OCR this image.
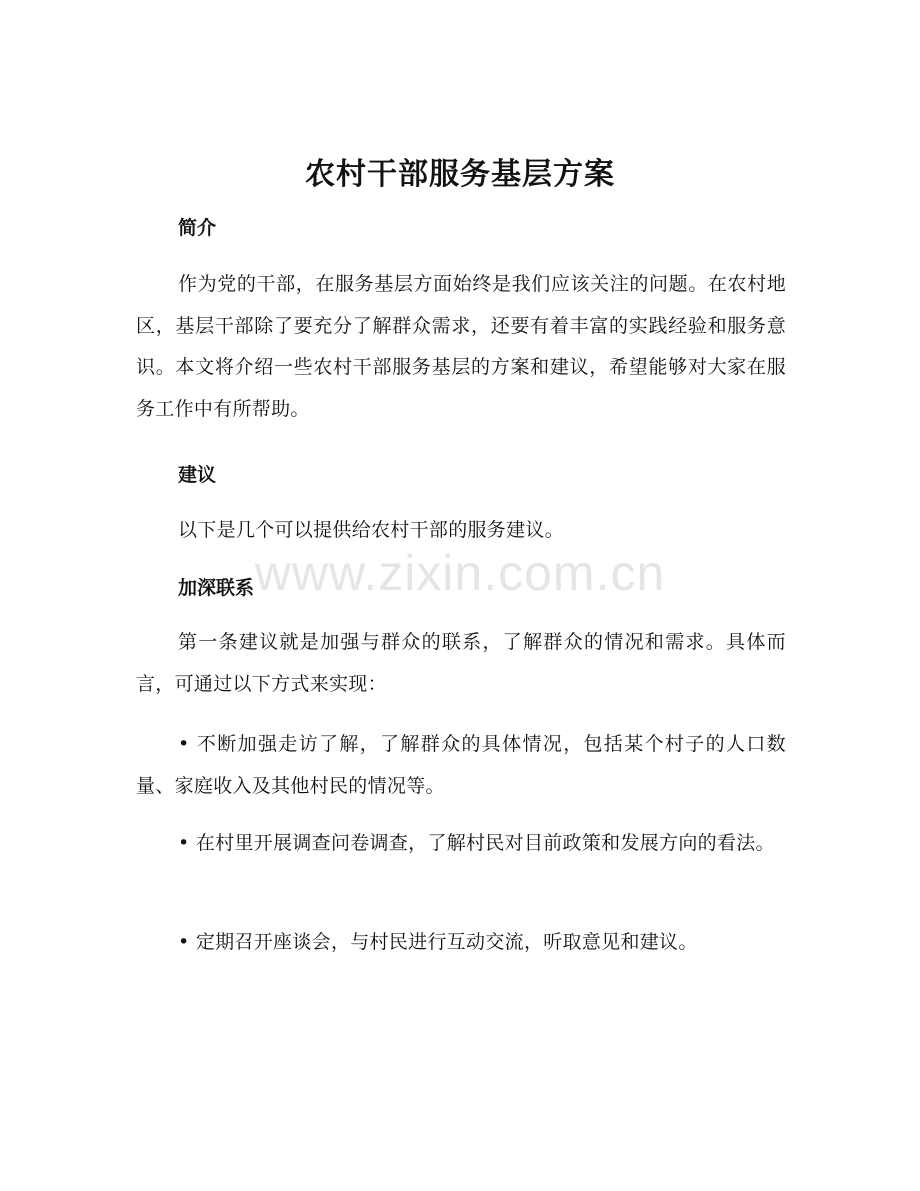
农村干部服务基层方案
简介
作为党的干部，在服务基层方面始终是我们应该关注的问题。在农村地区，基层干部除了要充分了解群众需求，还要有着丰富的实践经验和服务意识。本文将介绍一些农村干部服务基层的方案和建议，希望能够对大家在服务工作中有所帮助。
建议
以下是几个可以提供给农村干部的服务建议。
www.zixin.com.cn
加深联系
第一条建议就是加强与群众的联系，了解群众的情况和需求。具体而言，可通过以下方式来实现：
• 不断加强走访了解，了解群众的具体情况，包括某个村子的人口数量、家庭收入及其他村民的情况等。
• 在村里开展调查问卷调查，了解村民对目前政策和发展方向的看法。
• 定期召开座谈会，与村民进行互动交流，听取意见和建议。
